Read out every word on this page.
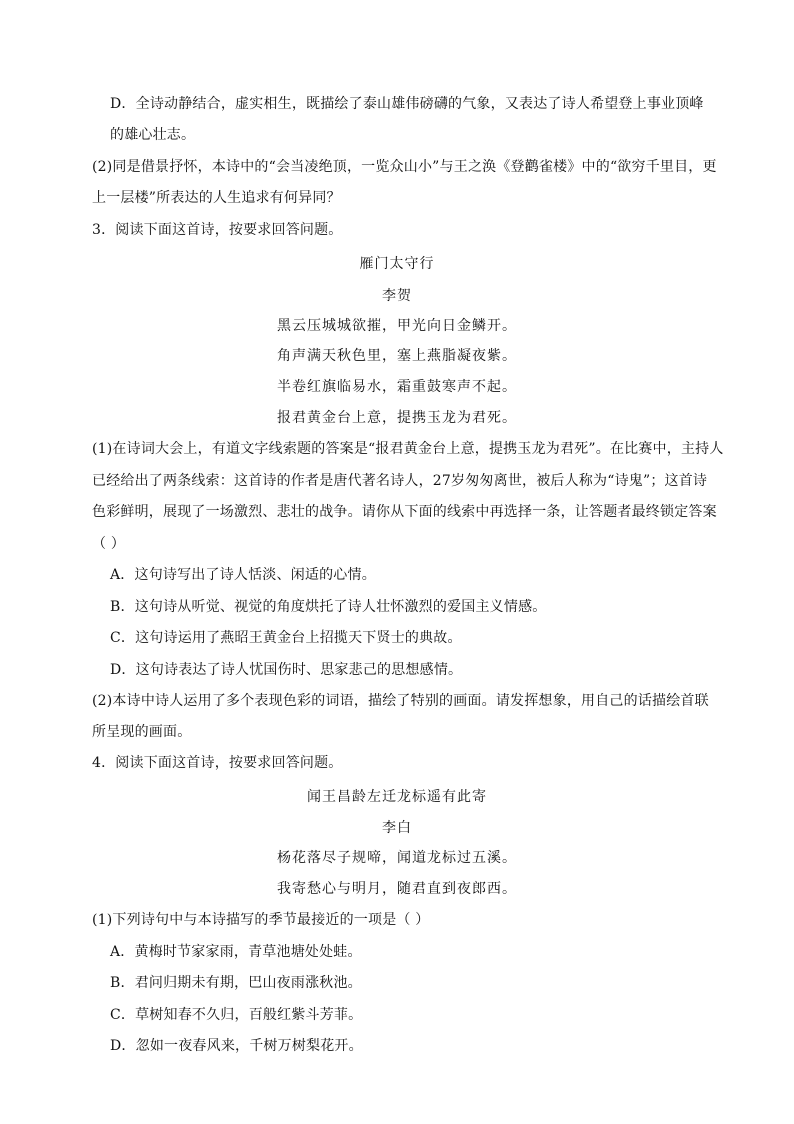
D．全诗动静结合，虚实相生，既描绘了泰山雄伟磅礴的气象，又表达了诗人希望登上事业顶峰
的雄心壮志。
(2)同是借景抒怀，本诗中的“会当凌绝顶，一览众山小”与王之涣《登鹳雀楼》中的“欲穷千里目，更
上一层楼”所表达的人生追求有何异同？
3．阅读下面这首诗，按要求回答问题。
雁门太守行
李贺
黑云压城城欲摧，甲光向日金鳞开。
角声满天秋色里，塞上燕脂凝夜紫。
半卷红旗临易水，霜重鼓寒声不起。
报君黄金台上意，提携玉龙为君死。
(1)在诗词大会上，有道文字线索题的答案是“报君黄金台上意，提携玉龙为君死”。在比赛中，主持人
已经给出了两条线索：这首诗的作者是唐代著名诗人，27岁匆匆离世，被后人称为“诗鬼”；这首诗
色彩鲜明，展现了一场激烈、悲壮的战争。请你从下面的线索中再选择一条，让答题者最终锁定答案
（ ）
A．这句诗写出了诗人恬淡、闲适的心情。
B．这句诗从听觉、视觉的角度烘托了诗人壮怀激烈的爱国主义情感。
C．这句诗运用了燕昭王黄金台上招揽天下贤士的典故。
D．这句诗表达了诗人忧国伤时、思家悲己的思想感情。
(2)本诗中诗人运用了多个表现色彩的词语，描绘了特别的画面。请发挥想象，用自己的话描绘首联
所呈现的画面。
4．阅读下面这首诗，按要求回答问题。
闻王昌龄左迁龙标遥有此寄
李白
杨花落尽子规啼，闻道龙标过五溪。
我寄愁心与明月，随君直到夜郎西。
(1)下列诗句中与本诗描写的季节最接近的一项是（ ）
A．黄梅时节家家雨，青草池塘处处蛙。
B．君问归期未有期，巴山夜雨涨秋池。
C．草树知春不久归，百般红紫斗芳菲。
D．忽如一夜春风来，千树万树梨花开。
